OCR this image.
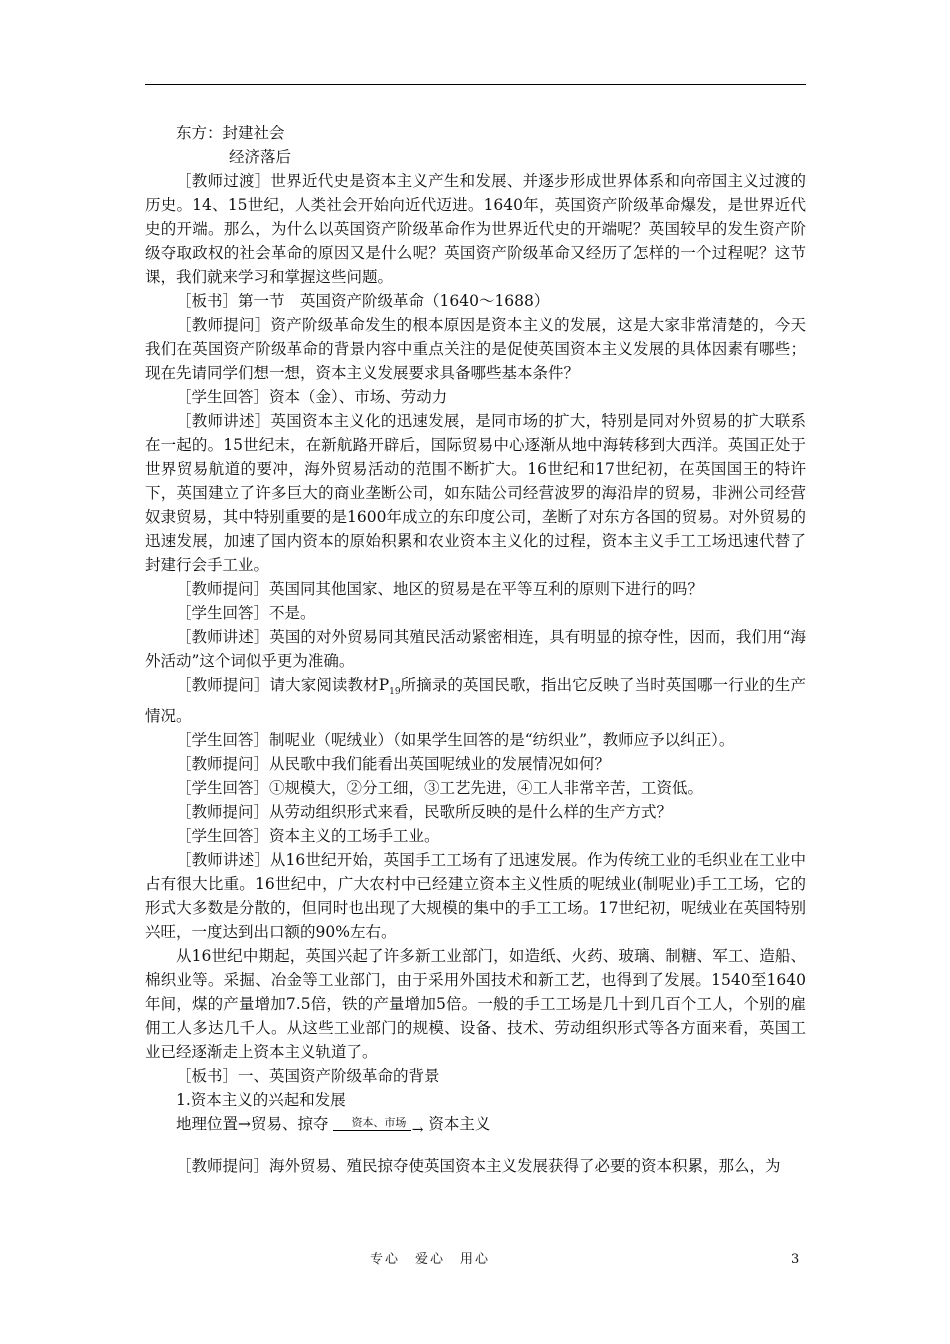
东方：封建社会

经济落后

［教师过渡］世界近代史是资本主义产生和发展、并逐步形成世界体系和向帝国主义过渡的历史。14、15世纪，人类社会开始向近代迈进。1640年，英国资产阶级革命爆发，是世界近代史的开端。那么，为什么以英国资产阶级革命作为世界近代史的开端呢？英国较早的发生资产阶级夺取政权的社会革命的原因又是什么呢？英国资产阶级革命又经历了怎样的一个过程呢？这节课，我们就来学习和掌握这些问题。

［板书］第一节　英国资产阶级革命（1640～1688）

［教师提问］资产阶级革命发生的根本原因是资本主义的发展，这是大家非常清楚的，今天我们在英国资产阶级革命的背景内容中重点关注的是促使英国资本主义发展的具体因素有哪些；现在先请同学们想一想，资本主义发展要求具备哪些基本条件？

［学生回答］资本（金）、市场、劳动力

［教师讲述］英国资本主义化的迅速发展，是同市场的扩大，特别是同对外贸易的扩大联系在一起的。15世纪末，在新航路开辟后，国际贸易中心逐渐从地中海转移到大西洋。英国正处于世界贸易航道的要冲，海外贸易活动的范围不断扩大。16世纪和17世纪初，在英国国王的特许下，英国建立了许多巨大的商业垄断公司，如东陆公司经营波罗的海沿岸的贸易，非洲公司经营奴隶贸易，其中特别重要的是1600年成立的东印度公司，垄断了对东方各国的贸易。对外贸易的迅速发展，加速了国内资本的原始积累和农业资本主义化的过程，资本主义手工工场迅速代替了封建行会手工业。

［教师提问］英国同其他国家、地区的贸易是在平等互利的原则下进行的吗？

［学生回答］不是。

［教师讲述］英国的对外贸易同其殖民活动紧密相连，具有明显的掠夺性，因而，我们用“海外活动”这个词似乎更为准确。

［教师提问］请大家阅读教材$P_{19}$所摘录的英国民歌，指出它反映了当时英国哪一行业的生产情况。

［学生回答］制呢业（呢绒业）（如果学生回答的是“纺织业”，教师应予以纠正）。

［教师提问］从民歌中我们能看出英国呢绒业的发展情况如何？

［学生回答］①规模大，②分工细，③工艺先进，④工人非常辛苦，工资低。

［教师提问］从劳动组织形式来看，民歌所反映的是什么样的生产方式？

［学生回答］资本主义的工场手工业。

［教师讲述］从16世纪开始，英国手工工场有了迅速发展。作为传统工业的毛织业在工业中占有很大比重。16世纪中，广大农村中已经建立资本主义性质的呢绒业(制呢业)手工工场，它的形式大多数是分散的，但同时也出现了大规模的集中的手工工场。17世纪初，呢绒业在英国特别兴旺，一度达到出口额的90%左右。

从16世纪中期起，英国兴起了许多新工业部门，如造纸、火药、玻璃、制糖、军工、造船、棉织业等。采掘、冶金等工业部门，由于采用外国技术和新工艺，也得到了发展。1540至1640年间，煤的产量增加7.5倍，铁的产量增加5倍。一般的手工工场是几十到几百个工人，个别的雇佣工人多达几千人。从这些工业部门的规模、设备、技术、劳动组织形式等各方面来看，英国工业已经逐渐走上资本主义轨道了。

［板书］一、英国资产阶级革命的背景

1.资本主义的兴起和发展

地理位置→贸易、掠夺 资本、市场 → 资本主义

［教师提问］海外贸易、殖民掠夺使英国资本主义发展获得了必要的资本积累，那么，为

专心　爱心　用心	3
